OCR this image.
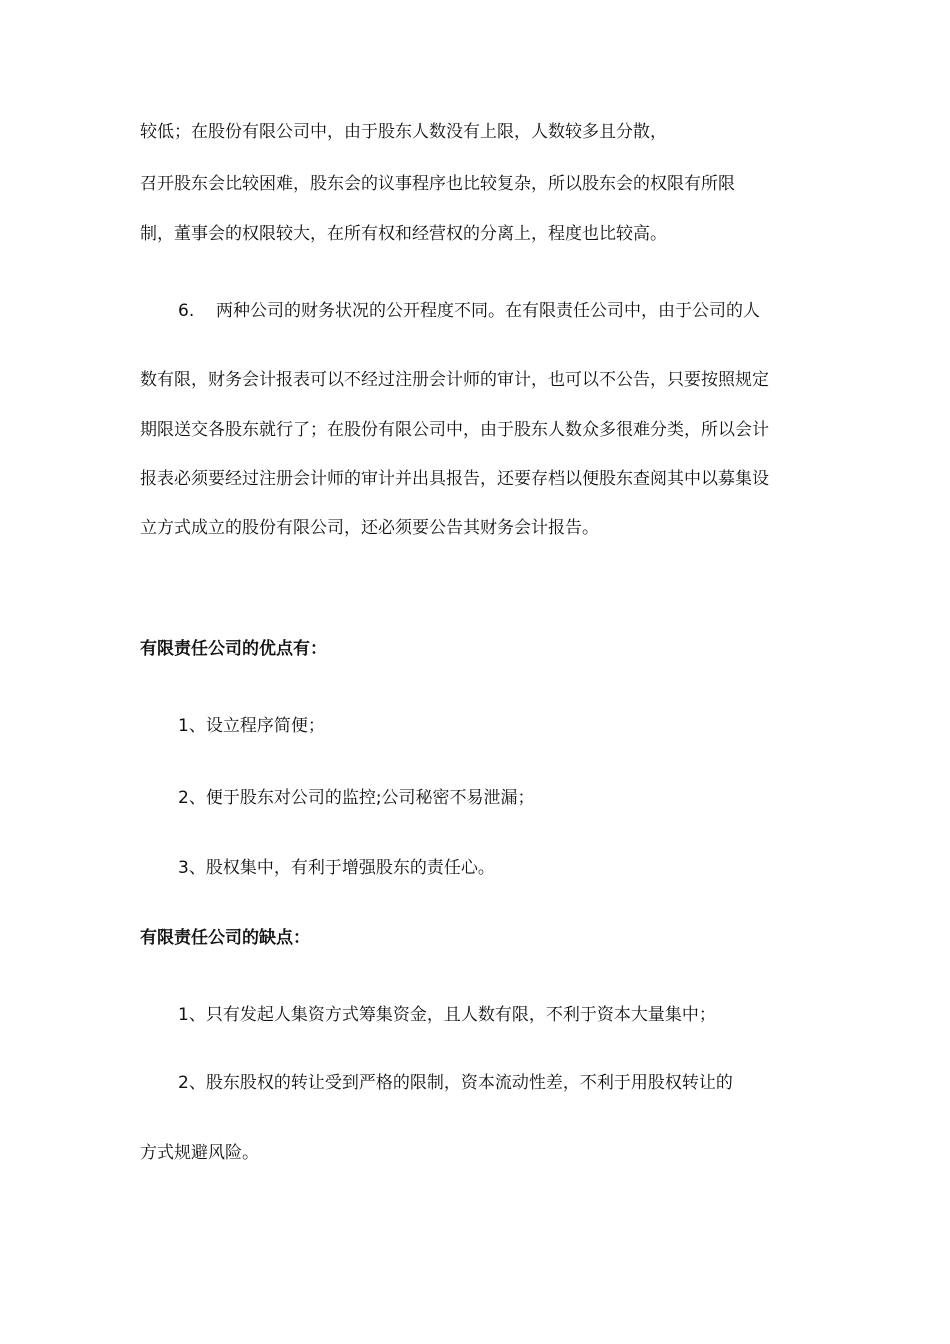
较低；在股份有限公司中，由于股东人数没有上限，人数较多且分散，

召开股东会比较困难，股东会的议事程序也比较复杂，所以股东会的权限有所限

制，董事会的权限较大，在所有权和经营权的分离上，程度也比较高。

6. 两种公司的财务状况的公开程度不同。在有限责任公司中，由于公司的人

数有限，财务会计报表可以不经过注册会计师的审计，也可以不公告，只要按照规定

期限送交各股东就行了；在股份有限公司中，由于股东人数众多很难分类，所以会计

报表必须要经过注册会计师的审计并出具报告，还要存档以便股东查阅其中以募集设

立方式成立的股份有限公司，还必须要公告其财务会计报告。

有限责任公司的优点有：

1、设立程序简便；

2、便于股东对公司的监控;公司秘密不易泄漏；

3、股权集中，有利于增强股东的责任心。

有限责任公司的缺点：

1、只有发起人集资方式筹集资金，且人数有限，不利于资本大量集中；

2、股东股权的转让受到严格的限制，资本流动性差，不利于用股权转让的

方式规避风险。
